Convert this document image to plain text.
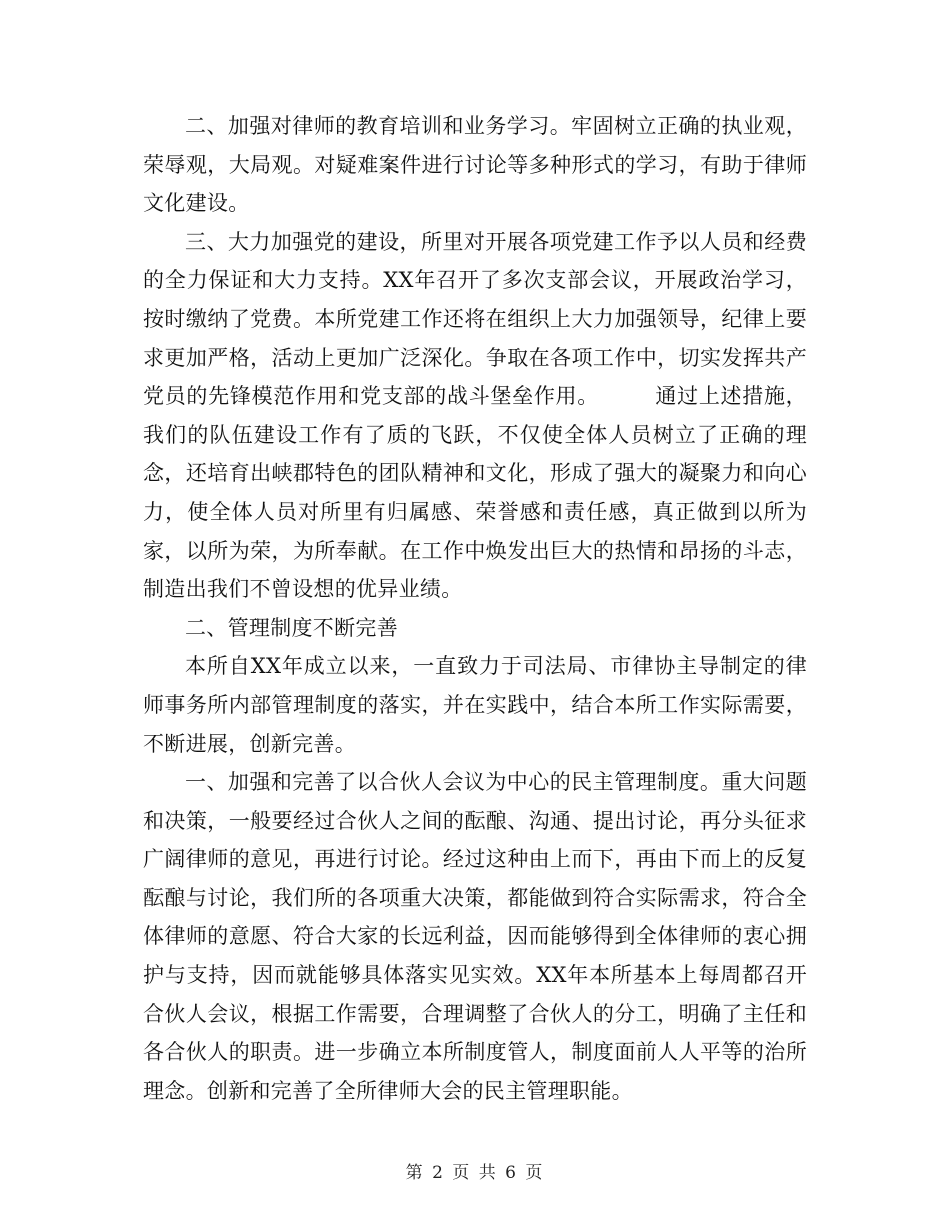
二、加强对律师的教育培训和业务学习。牢固树立正确的执业观，荣辱观，大局观。对疑难案件进行讨论等多种形式的学习，有助于律师文化建设。

三、大力加强党的建设，所里对开展各项党建工作予以人员和经费的全力保证和大力支持。XX年召开了多次支部会议，开展政治学习，按时缴纳了党费。本所党建工作还将在组织上大力加强领导，纪律上要求更加严格，活动上更加广泛深化。争取在各项工作中，切实发挥共产党员的先锋模范作用和党支部的战斗堡垒作用。	通过上述措施，我们的队伍建设工作有了质的飞跃，不仅使全体人员树立了正确的理念，还培育出峡郡特色的团队精神和文化，形成了强大的凝聚力和向心力，使全体人员对所里有归属感、荣誉感和责任感，真正做到以所为家，以所为荣，为所奉献。在工作中焕发出巨大的热情和昂扬的斗志，制造出我们不曾设想的优异业绩。

二、管理制度不断完善

本所自XX年成立以来，一直致力于司法局、市律协主导制定的律师事务所内部管理制度的落实，并在实践中，结合本所工作实际需要，不断进展，创新完善。

一、加强和完善了以合伙人会议为中心的民主管理制度。重大问题和决策，一般要经过合伙人之间的酝酿、沟通、提出讨论，再分头征求广阔律师的意见，再进行讨论。经过这种由上而下，再由下而上的反复酝酿与讨论，我们所的各项重大决策，都能做到符合实际需求，符合全体律师的意愿、符合大家的长远利益，因而能够得到全体律师的衷心拥护与支持，因而就能够具体落实见实效。XX年本所基本上每周都召开合伙人会议，根据工作需要，合理调整了合伙人的分工，明确了主任和各合伙人的职责。进一步确立本所制度管人，制度面前人人平等的治所理念。创新和完善了全所律师大会的民主管理职能。

第 2 页 共 6 页
